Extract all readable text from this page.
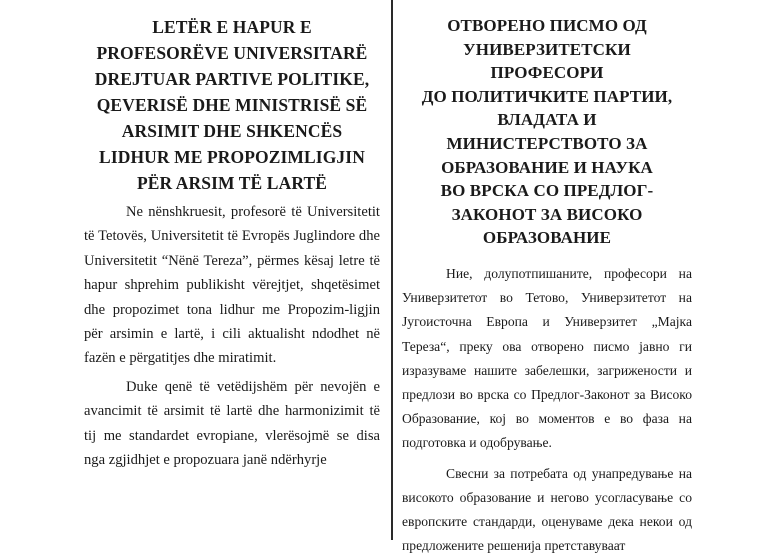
LETËR E HAPUR E
PROFESORËVE UNIVERSITARË
DREJTUAR PARTIVE POLITIKE,
QEVERISË DHE MINISTRISË SË
ARSIMIT DHE SHKENCËS
LIDHUR ME PROPOZIMLIGJIN
PËR ARSIM TË LARTË

Ne nënshkruesit, profesorë të Universitetit të Tetovës, Universitetit të Evropës Juglindore dhe Universitetit “Nënë Tereza”, përmes kësaj letre të hapur shprehim publikisht vërejtjet, shqetësimet dhe propozimet tona lidhur me Propozim-ligjin për arsimin e lartë, i cili aktualisht ndodhet në fazën e përgatitjes dhe miratimit.

Duke qenë të vetëdijshëm për nevojën e avancimit të arsimit të lartë dhe harmonizimit të tij me standardet evropiane, vlerësojmë se disa nga zgjidhjet e propozuara janë ndërhyrje

ОТВОРЕНО ПИСМО ОД
УНИВЕРЗИТЕТСКИ
ПРОФЕСОРИ
ДО ПОЛИТИЧКИТЕ ПАРТИИ,
ВЛАДАТА И
МИНИСТЕРСТВОТО ЗА
ОБРАЗОВАНИЕ И НАУКА
ВО ВРСКА СО ПРЕДЛОГ-
ЗАКОНОТ ЗА ВИСОКО
ОБРАЗОВАНИЕ

Ние, долупотпишаните, професори на Универзитетот во Тетово, Универзитетот на Југоисточна Европа и Универзитет „Мајка Тереза“, преку ова отворено писмо јавно ги изразуваме нашите забелешки, загрижености и предлози во врска со Предлог-Законот за Високо Образование, кој во моментов е во фаза на подготовка и одобрување.

Свесни за потребата од унапредување на високото образование и негово усогласување со европските стандарди, оценуваме дека некои од предложените решенија претставуваат
